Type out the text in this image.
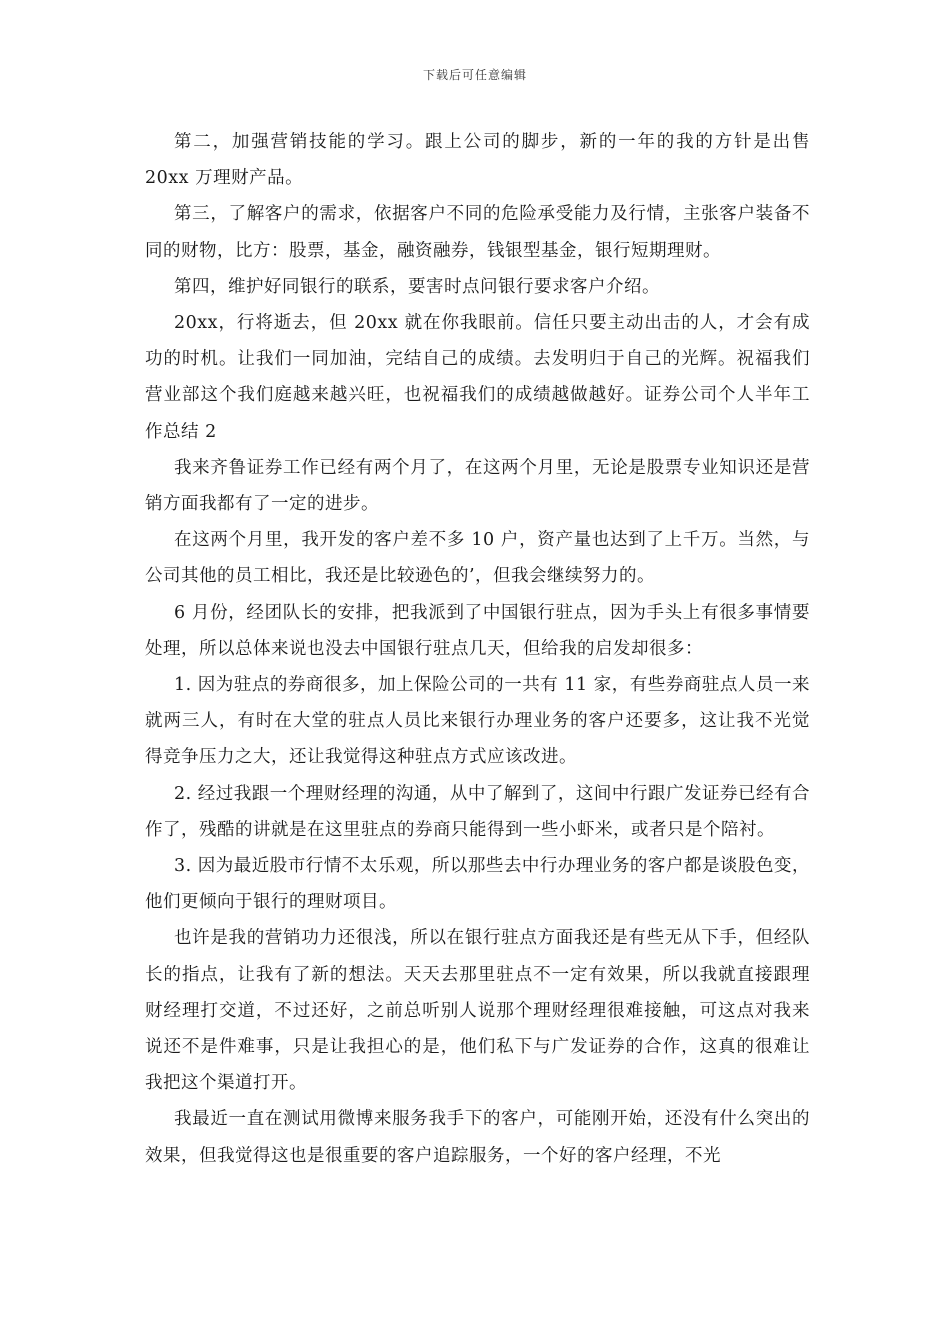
下载后可任意编辑

第二，加强营销技能的学习。跟上公司的脚步，新的一年的我的方针是出售 20xx 万理财产品。

第三，了解客户的需求，依据客户不同的危险承受能力及行情，主张客户装备不同的财物，比方：股票，基金，融资融券，钱银型基金，银行短期理财。

第四，维护好同银行的联系，要害时点问银行要求客户介绍。

20xx，行将逝去，但 20xx 就在你我眼前。信任只要主动出击的人，才会有成功的时机。让我们一同加油，完结自己的成绩。去发明归于自己的光辉。祝福我们营业部这个我们庭越来越兴旺，也祝福我们的成绩越做越好。证券公司个人半年工作总结 2

我来齐鲁证券工作已经有两个月了，在这两个月里，无论是股票专业知识还是营销方面我都有了一定的进步。

在这两个月里，我开发的客户差不多 10 户，资产量也达到了上千万。当然，与公司其他的员工相比，我还是比较逊色的’，但我会继续努力的。

6 月份，经团队长的安排，把我派到了中国银行驻点，因为手头上有很多事情要处理，所以总体来说也没去中国银行驻点几天，但给我的启发却很多：

1. 因为驻点的券商很多，加上保险公司的一共有 11 家，有些券商驻点人员一来就两三人，有时在大堂的驻点人员比来银行办理业务的客户还要多，这让我不光觉得竞争压力之大，还让我觉得这种驻点方式应该改进。

2. 经过我跟一个理财经理的沟通，从中了解到了，这间中行跟广发证券已经有合作了，残酷的讲就是在这里驻点的券商只能得到一些小虾米，或者只是个陪衬。

3. 因为最近股市行情不太乐观，所以那些去中行办理业务的客户都是谈股色变，他们更倾向于银行的理财项目。

也许是我的营销功力还很浅，所以在银行驻点方面我还是有些无从下手，但经队长的指点，让我有了新的想法。天天去那里驻点不一定有效果，所以我就直接跟理财经理打交道，不过还好，之前总听别人说那个理财经理很难接触，可这点对我来说还不是件难事，只是让我担心的是，他们私下与广发证券的合作，这真的很难让我把这个渠道打开。

我最近一直在测试用微博来服务我手下的客户，可能刚开始，还没有什么突出的效果，但我觉得这也是很重要的客户追踪服务，一个好的客户经理，不光
